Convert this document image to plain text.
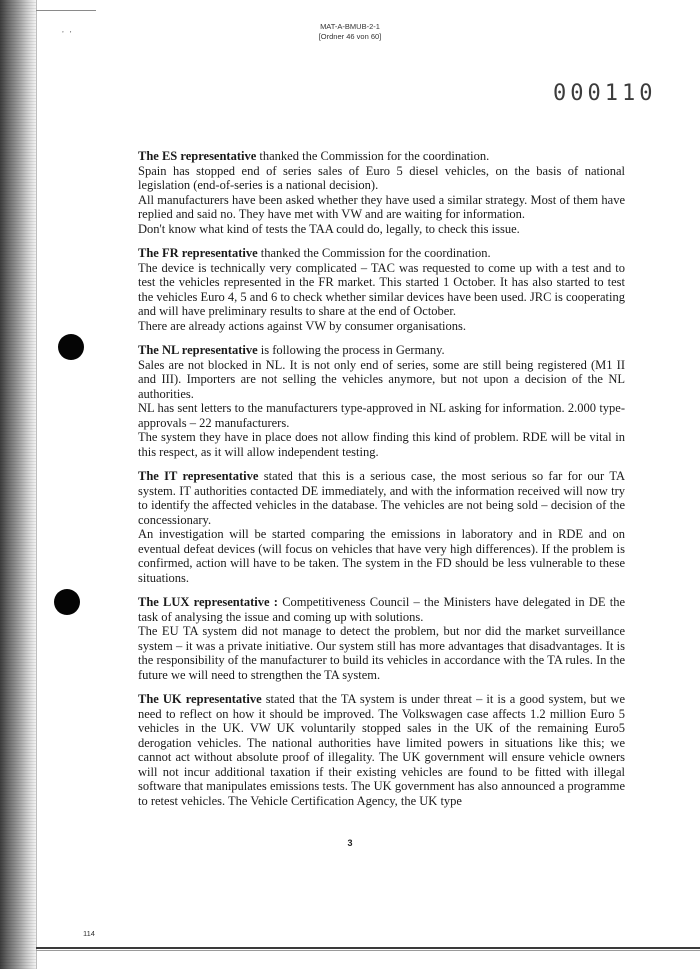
MAT-A-BMUB-2-1
[Ordner 46 von 60]
’ ’
000110
The ES representative thanked the Commission for the coordination.
Spain has stopped end of series sales of Euro 5 diesel vehicles, on the basis of national legislation (end-of-series is a national decision).
All manufacturers have been asked whether they have used a similar strategy. Most of them have replied and said no. They have met with VW and are waiting for information.
Don't know what kind of tests the TAA could do, legally, to check this issue.
The FR representative thanked the Commission for the coordination.
The device is technically very complicated – TAC was requested to come up with a test and to test the vehicles represented in the FR market. This started 1 October. It has also started to test the vehicles Euro 4, 5 and 6 to check whether similar devices have been used. JRC is cooperating and will have preliminary results to share at the end of October.
There are already actions against VW by consumer organisations.
The NL representative is following the process in Germany.
Sales are not blocked in NL. It is not only end of series, some are still being registered (M1 II and III). Importers are not selling the vehicles anymore, but not upon a decision of the NL authorities.
NL has sent letters to the manufacturers type-approved in NL asking for information. 2.000 type-approvals – 22 manufacturers.
The system they have in place does not allow finding this kind of problem. RDE will be vital in this respect, as it will allow independent testing.
The IT representative stated that this is a serious case, the most serious so far for our TA system. IT authorities contacted DE immediately, and with the information received will now try to identify the affected vehicles in the database. The vehicles are not being sold – decision of the concessionary.
An investigation will be started comparing the emissions in laboratory and in RDE and on eventual defeat devices (will focus on vehicles that have very high differences). If the problem is confirmed, action will have to be taken. The system in the FD should be less vulnerable to these situations.
The LUX representative : Competitiveness Council – the Ministers have delegated in DE the task of analysing the issue and coming up with solutions.
The EU TA system did not manage to detect the problem, but nor did the market surveillance system – it was a private initiative. Our system still has more advantages that disadvantages. It is the responsibility of the manufacturer to build its vehicles in accordance with the TA rules. In the future we will need to strengthen the TA system.
The UK representative stated that the TA system is under threat – it is a good system, but we need to reflect on how it should be improved. The Volkswagen case affects 1.2 million Euro 5 vehicles in the UK. VW UK voluntarily stopped sales in the UK of the remaining Euro5 derogation vehicles. The national authorities have limited powers in situations like this; we cannot act without absolute proof of illegality. The UK government will ensure vehicle owners will not incur additional taxation if their existing vehicles are found to be fitted with illegal software that manipulates emissions tests. The UK government has also announced a programme to retest vehicles. The Vehicle Certification Agency, the UK type
3
114
